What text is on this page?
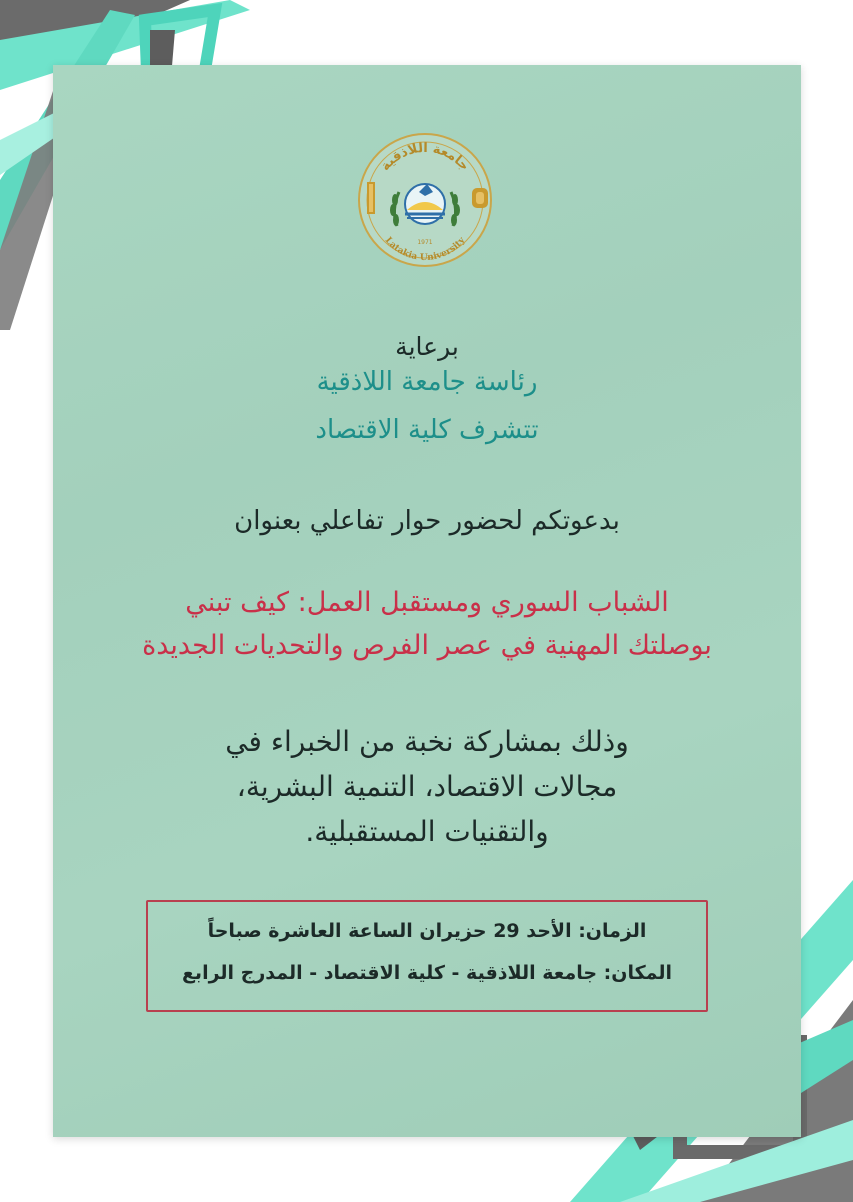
جامعة اللاذقية
Latakia University
1971
برعاية
رئاسة جامعة اللاذقية
تتشرف كلية الاقتصاد
بدعوتكم لحضور حوار تفاعلي بعنوان
الشباب السوري ومستقبل العمل: كيف تبني
بوصلتك المهنية في عصر الفرص والتحديات الجديدة
وذلك بمشاركة نخبة من الخبراء في
مجالات الاقتصاد، التنمية البشرية،
والتقنيات المستقبلية.
الزمان: الأحد 29 حزيران الساعة العاشرة صباحاً
المكان: جامعة اللاذقية - كلية الاقتصاد - المدرج الرابع
